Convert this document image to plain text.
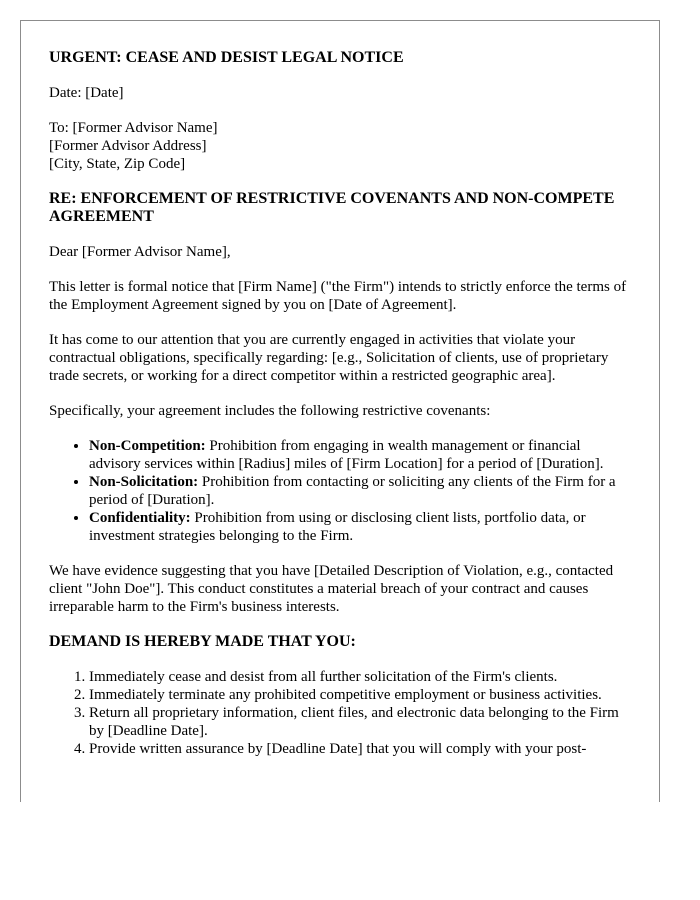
URGENT: CEASE AND DESIST LEGAL NOTICE

Date: [Date]

To: [Former Advisor Name]
[Former Advisor Address]
[City, State, Zip Code]

RE: ENFORCEMENT OF RESTRICTIVE COVENANTS AND NON-COMPETE AGREEMENT

Dear [Former Advisor Name],

This letter is formal notice that [Firm Name] ("the Firm") intends to strictly enforce the terms of the Employment Agreement signed by you on [Date of Agreement].

It has come to our attention that you are currently engaged in activities that violate your contractual obligations, specifically regarding: [e.g., Solicitation of clients, use of proprietary trade secrets, or working for a direct competitor within a restricted geographic area].

Specifically, your agreement includes the following restrictive covenants:

• Non-Competition: Prohibition from engaging in wealth management or financial advisory services within [Radius] miles of [Firm Location] for a period of [Duration].
• Non-Solicitation: Prohibition from contacting or soliciting any clients of the Firm for a period of [Duration].
• Confidentiality: Prohibition from using or disclosing client lists, portfolio data, or investment strategies belonging to the Firm.

We have evidence suggesting that you have [Detailed Description of Violation, e.g., contacted client "John Doe"]. This conduct constitutes a material breach of your contract and causes irreparable harm to the Firm's business interests.

DEMAND IS HEREBY MADE THAT YOU:

1. Immediately cease and desist from all further solicitation of the Firm's clients.
2. Immediately terminate any prohibited competitive employment or business activities.
3. Return all proprietary information, client files, and electronic data belonging to the Firm by [Deadline Date].
4. Provide written assurance by [Deadline Date] that you will comply with your post-
